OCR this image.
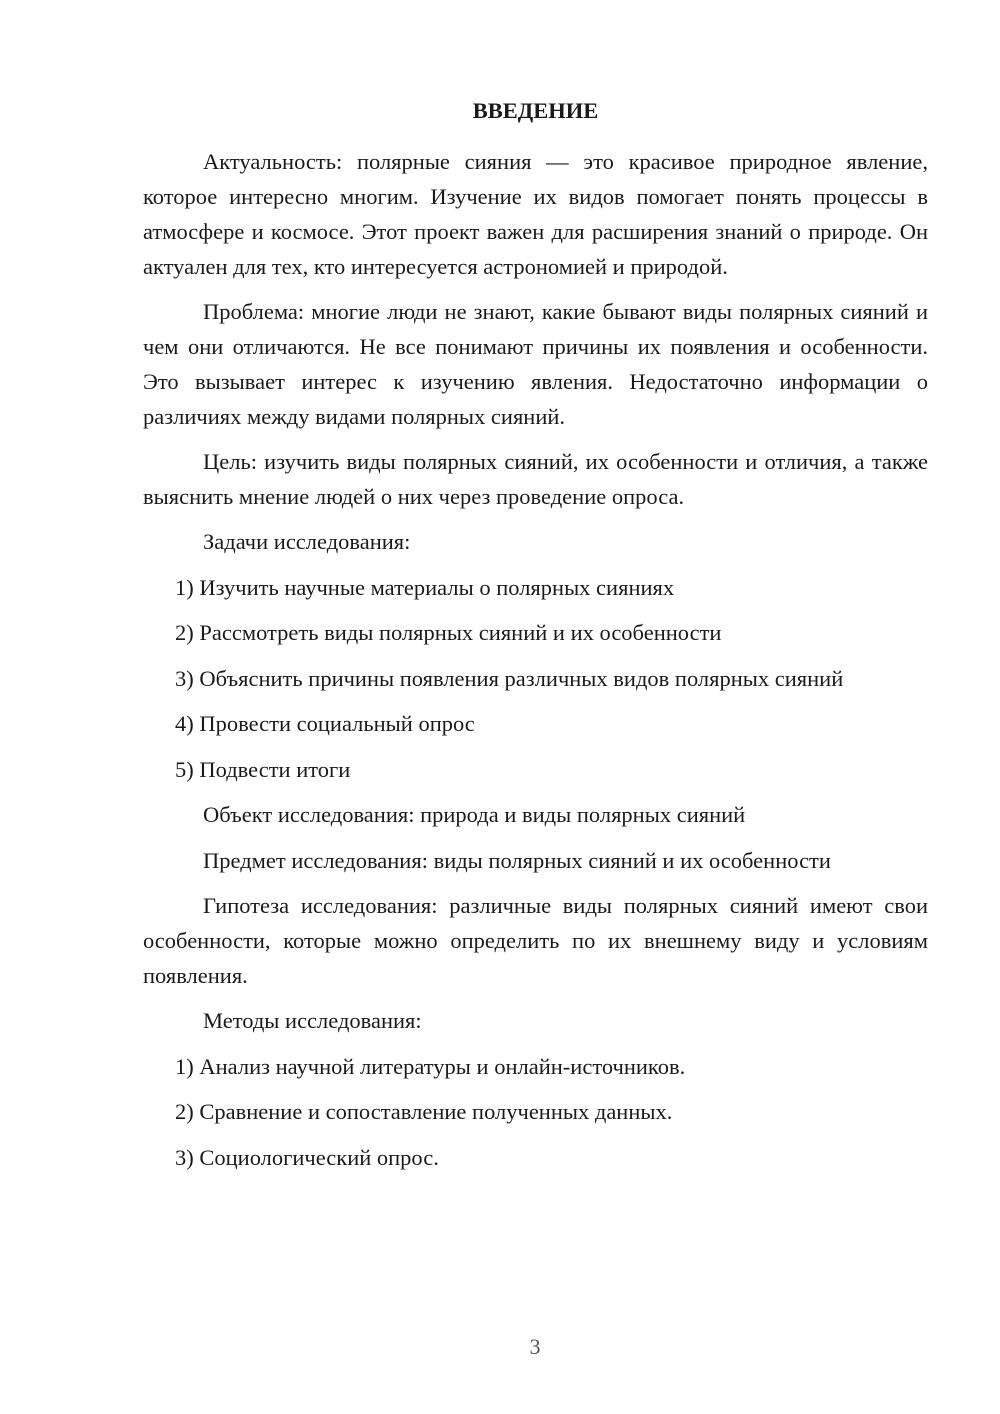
ВВЕДЕНИЕ
Актуальность: полярные сияния — это красивое природное явление, которое интересно многим. Изучение их видов помогает понять процессы в атмосфере и космосе. Этот проект важен для расширения знаний о природе. Он актуален для тех, кто интересуется астрономией и природой.
Проблема: многие люди не знают, какие бывают виды полярных сияний и чем они отличаются. Не все понимают причины их появления и особенности. Это вызывает интерес к изучению явления. Недостаточно информации о различиях между видами полярных сияний.
Цель: изучить виды полярных сияний, их особенности и отличия, а также выяснить мнение людей о них через проведение опроса.
Задачи исследования:
1) Изучить научные материалы о полярных сияниях
2) Рассмотреть виды полярных сияний и их особенности
3) Объяснить причины появления различных видов полярных сияний
4) Провести социальный опрос
5) Подвести итоги
Объект исследования: природа и виды полярных сияний
Предмет исследования: виды полярных сияний и их особенности
Гипотеза исследования: различные виды полярных сияний имеют свои особенности, которые можно определить по их внешнему виду и условиям появления.
Методы исследования:
1) Анализ научной литературы и онлайн-источников.
2) Сравнение и сопоставление полученных данных.
3) Социологический опрос.
3
